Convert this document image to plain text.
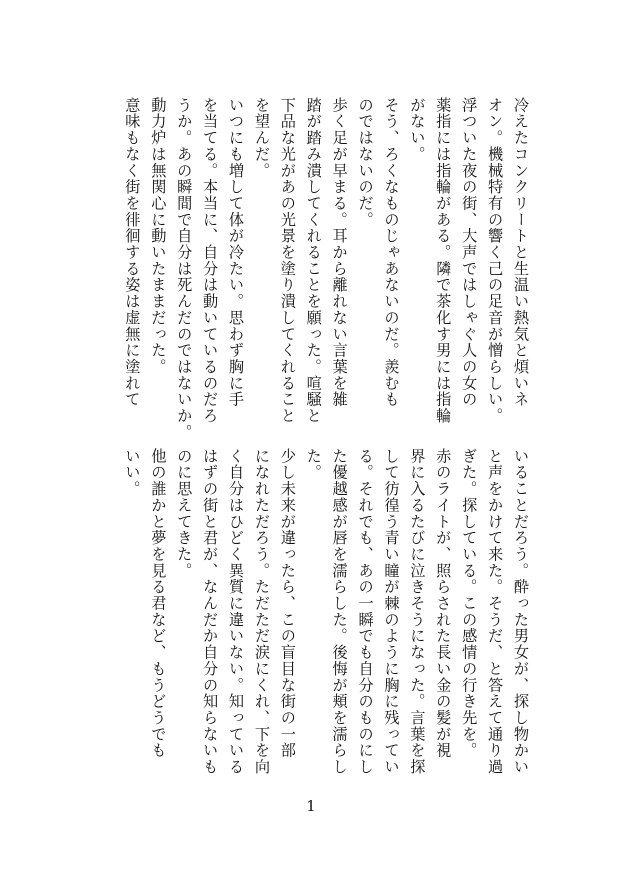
冷えたコンクリートと生温い熱気と煩いネ

オン。機械特有の響く己の足音が憎らしい。

浮ついた夜の街、大声ではしゃぐ人の女の

薬指には指輪がある。隣で茶化す男には指輪

がない。

そう、ろくなものじゃあないのだ。羨むも

のではないのだ。

歩く足が早まる。耳から離れない言葉を雑

踏が踏み潰してくれることを願った。喧騒と

下品な光があの光景を塗り潰してくれること

を望んだ。

いつにも増して体が冷たい。思わず胸に手

を当てる。本当に、自分は動いているのだろ

うか。あの瞬間で自分は死んだのではないか。

動力炉は無関心に動いたままだった。

意味もなく街を徘徊する姿は虚無に塗れて

いることだろう。酔った男女が、探し物かい

と声をかけて来た。そうだ、と答えて通り過

ぎた。探している。この感情の行き先を。

赤のライトが、照らされた長い金の髪が視

界に入るたびに泣きそうになった。言葉を探

して彷徨う青い瞳が棘のように胸に残ってい

る。それでも、あの一瞬でも自分のものにし

た優越感が唇を濡らした。後悔が頬を濡らし

た。

少し未来が違ったら、この盲目な街の一部

になれただろう。ただただ涙にくれ、下を向

く自分はひどく異質に違いない。知っている

はずの街と君が、なんだか自分の知らないも

のに思えてきた。

他の誰かと夢を見る君など、もうどうでも

いい。

1
